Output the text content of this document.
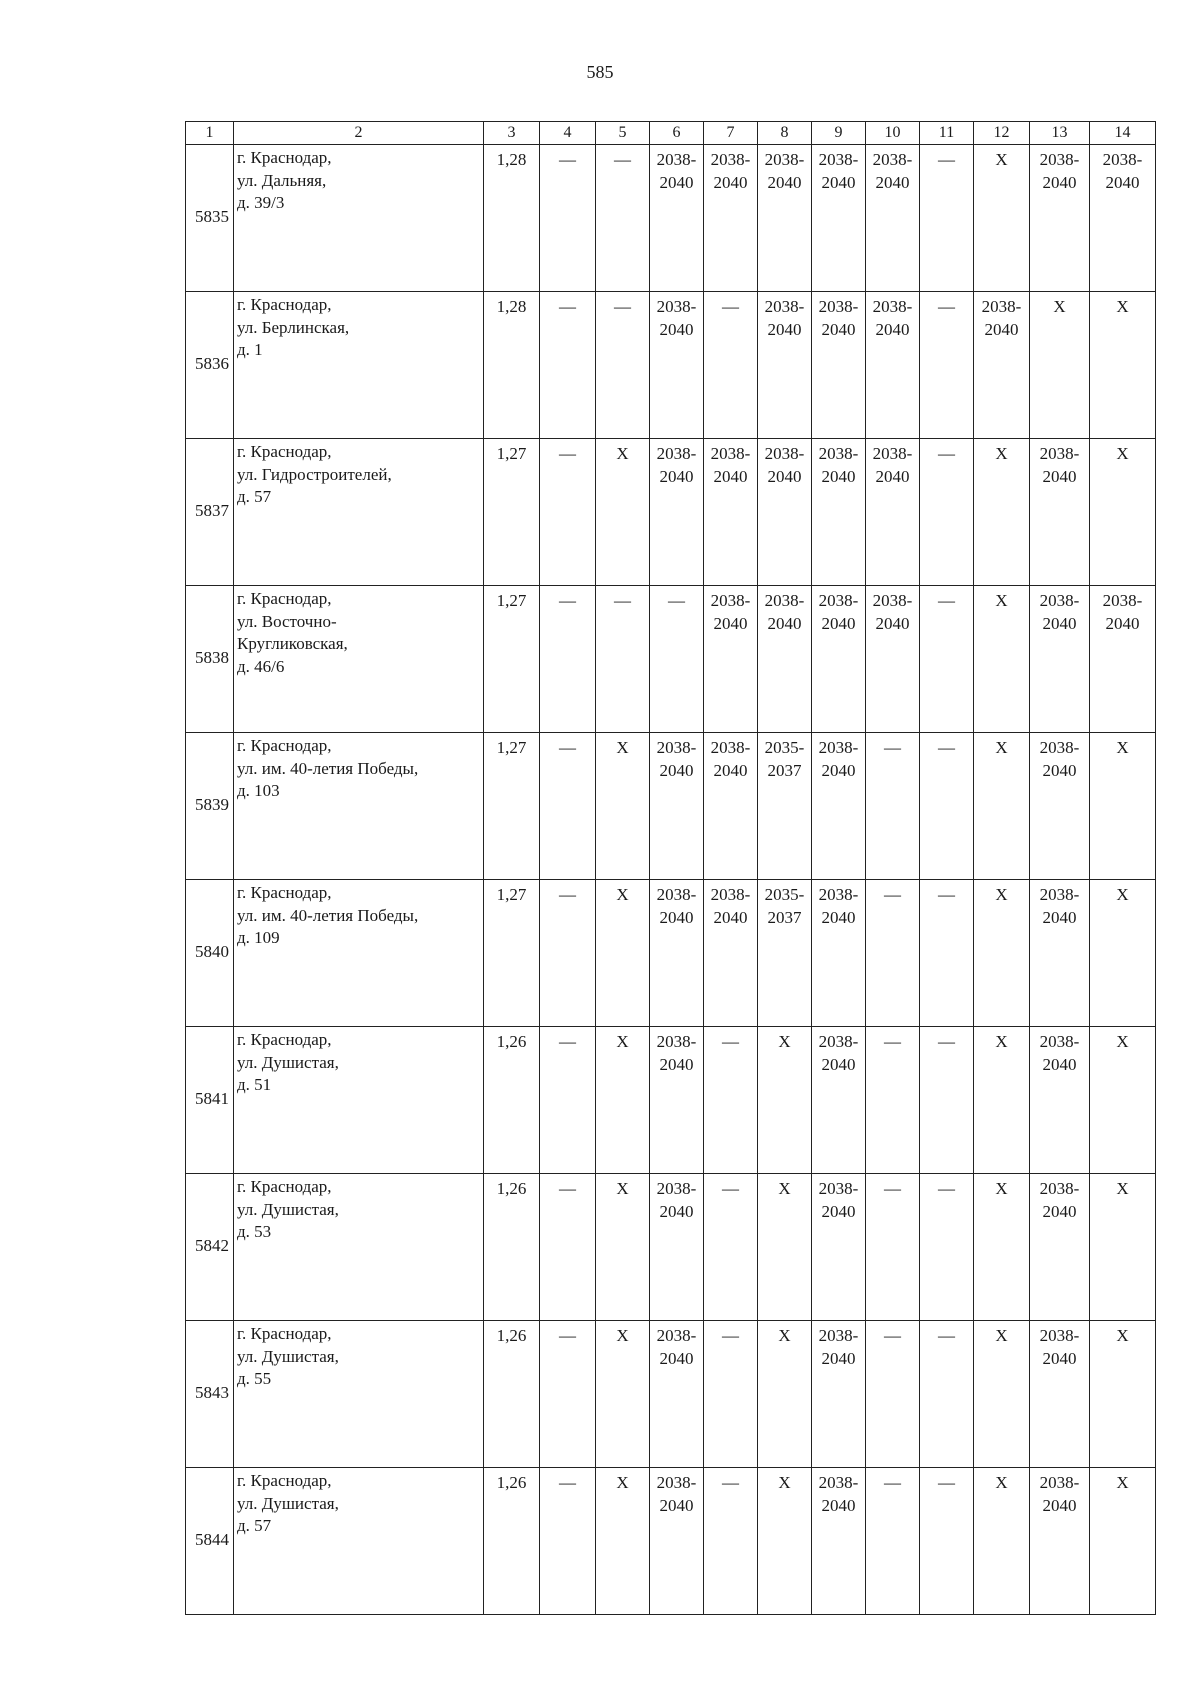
585
1	2	3	4	5	6	7	8	9	10	11	12	13	14
5835	г. Краснодар,
ул. Дальняя,
д. 39/3	1,28	—	—	2038-2040	2038-2040	2038-2040	2038-2040	2038-2040	—	Х	2038-2040	2038-2040
5836	г. Краснодар,
ул. Берлинская,
д. 1	1,28	—	—	2038-2040	—	2038-2040	2038-2040	2038-2040	—	2038-2040	Х	Х
5837	г. Краснодар,
ул. Гидростроителей,
д. 57	1,27	—	Х	2038-2040	2038-2040	2038-2040	2038-2040	2038-2040	—	Х	2038-2040	Х
5838	г. Краснодар,
ул. Восточно-
Кругликовская,
д. 46/6	1,27	—	—	—	2038-2040	2038-2040	2038-2040	2038-2040	—	Х	2038-2040	2038-2040
5839	г. Краснодар,
ул. им. 40-летия Победы,
д. 103	1,27	—	Х	2038-2040	2038-2040	2035-2037	2038-2040	—	—	Х	2038-2040	Х
5840	г. Краснодар,
ул. им. 40-летия Победы,
д. 109	1,27	—	Х	2038-2040	2038-2040	2035-2037	2038-2040	—	—	Х	2038-2040	Х
5841	г. Краснодар,
ул. Душистая,
д. 51	1,26	—	Х	2038-2040	—	Х	2038-2040	—	—	Х	2038-2040	Х
5842	г. Краснодар,
ул. Душистая,
д. 53	1,26	—	Х	2038-2040	—	Х	2038-2040	—	—	Х	2038-2040	Х
5843	г. Краснодар,
ул. Душистая,
д. 55	1,26	—	Х	2038-2040	—	Х	2038-2040	—	—	Х	2038-2040	Х
5844	г. Краснодар,
ул. Душистая,
д. 57	1,26	—	Х	2038-2040	—	Х	2038-2040	—	—	Х	2038-2040	Х
